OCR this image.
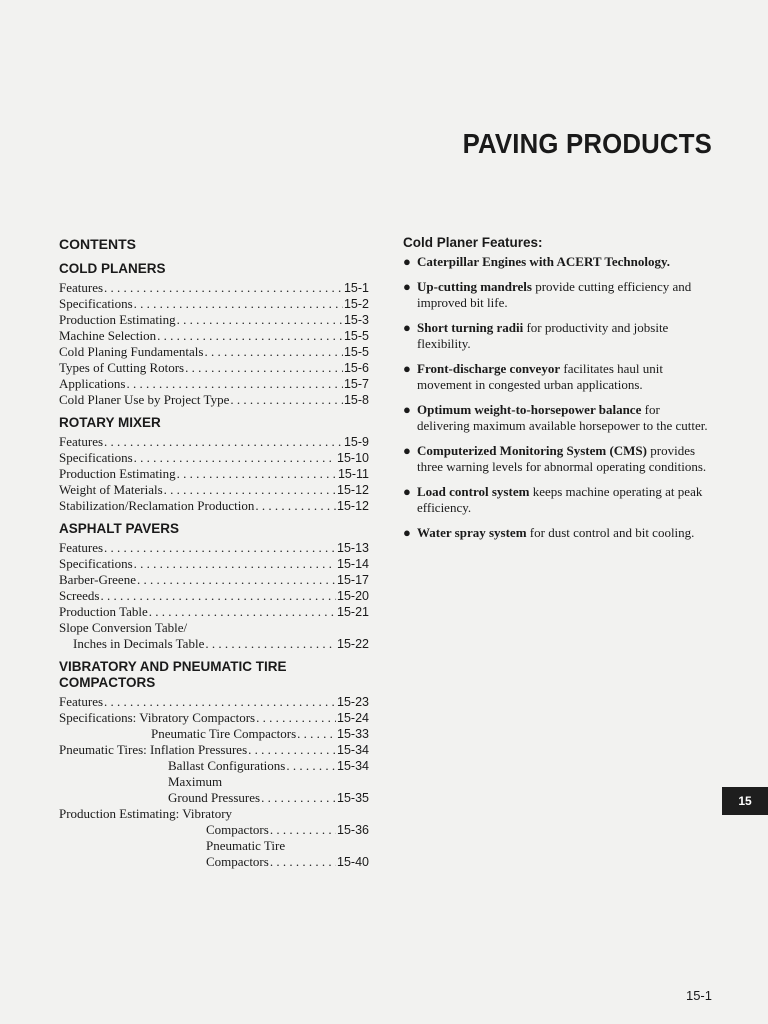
PAVING PRODUCTS
CONTENTS
COLD PLANERS
Features . . .	15-1
Specifications . . .	15-2
Production Estimating . . .	15-3
Machine Selection . . .	15-5
Cold Planing Fundamentals . . .	15-5
Types of Cutting Rotors . . .	15-6
Applications . . .	15-7
Cold Planer Use by Project Type . . .	15-8
ROTARY MIXER
Features . . .	15-9
Specifications . . .	15-10
Production Estimating . . .	15-11
Weight of Materials . . .	15-12
Stabilization/Reclamation Production . . .	15-12
ASPHALT PAVERS
Features . . .	15-13
Specifications . . .	15-14
Barber-Greene . . .	15-17
Screeds . . .	15-20
Production Table . . .	15-21
Slope Conversion Table/
Inches in Decimals Table . . .	15-22
VIBRATORY AND PNEUMATIC TIRE
COMPACTORS
Features . . .	15-23
Specifications: Vibratory Compactors . . .	15-24
Pneumatic Tire Compactors . . .	15-33
Pneumatic Tires: Inflation Pressures . . .	15-34
Ballast Configurations . . .	15-34
Maximum
Ground Pressures . . .	15-35
Production Estimating: Vibratory
Compactors . . .	15-36
Pneumatic Tire
Compactors . . .	15-40
Cold Planer Features:
● Caterpillar Engines with ACERT Technology.
● Up-cutting mandrels provide cutting efficiency and improved bit life.
● Short turning radii for productivity and jobsite flexibility.
● Front-discharge conveyor facilitates haul unit movement in congested urban applications.
● Optimum weight-to-horsepower balance for delivering maximum available horsepower to the cutter.
● Computerized Monitoring System (CMS) provides three warning levels for abnormal operating conditions.
● Load control system keeps machine operating at peak efficiency.
● Water spray system for dust control and bit cooling.
15
15-1
